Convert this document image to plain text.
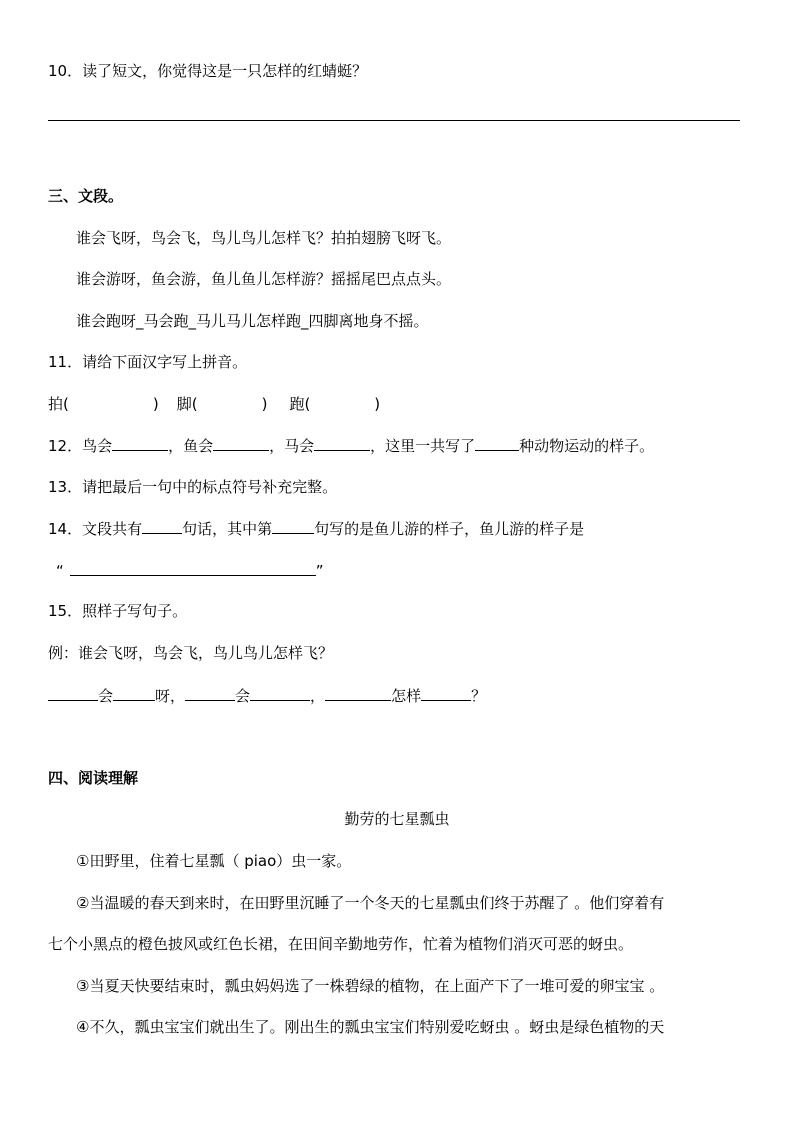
10．读了短文，你觉得这是一只怎样的红蜻蜓？
三、文段。
谁会飞呀，鸟会飞，鸟儿鸟儿怎样飞？拍拍翅膀飞呀飞。
谁会游呀，鱼会游，鱼儿鱼儿怎样游？摇摇尾巴点点头。
谁会跑呀_马会跑_马儿马儿怎样跑_四脚离地身不摇。
11．请给下面汉字写上拼音。
拍(	) 脚(	) 跑(	)
12．鸟会	，鱼会	，马会	，这里一共写了	种动物运动的样子。
13．请把最后一句中的标点符号补充完整。
14．文段共有	句话，其中第	句写的是鱼儿游的样子，鱼儿游的样子是
“	”
15．照样子写句子。
例：谁会飞呀，鸟会飞，鸟儿鸟儿怎样飞？
会	呀，	会	，	怎样	？
四、阅读理解
勤劳的七星瓢虫
①田野里，住着七星瓢（ piao）虫一家。
②当温暖的春天到来时，在田野里沉睡了一个冬天的七星瓢虫们终于苏醒了 。他们穿着有
七个小黑点的橙色披风或红色长裙，在田间辛勤地劳作，忙着为植物们消灭可恶的蚜虫。
③当夏天快要结束时，瓢虫妈妈选了一株碧绿的植物，在上面产下了一堆可爱的卵宝宝 。
④不久，瓢虫宝宝们就出生了。刚出生的瓢虫宝宝们特别爱吃蚜虫 。蚜虫是绿色植物的天
